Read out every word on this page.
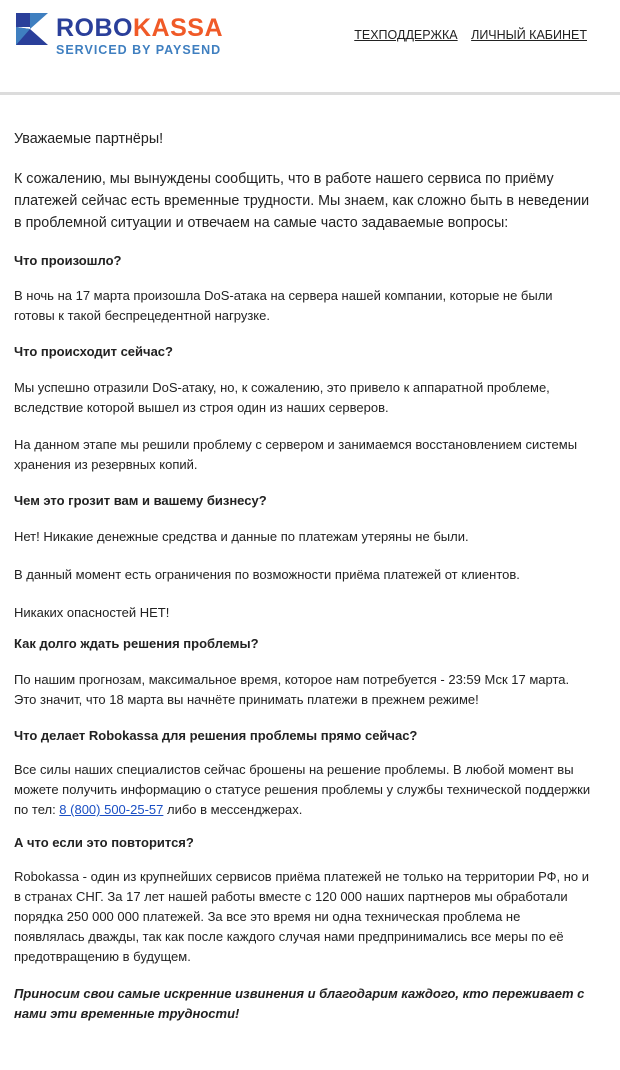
ROBOKASSA
SERVICED BY PAYSEND
ТЕХПОДДЕРЖКА ЛИЧНЫЙ КАБИНЕТ

Уважаемые партнёры!

К сожалению, мы вынуждены сообщить, что в работе нашего сервиса по приёму платежей сейчас есть временные трудности. Мы знаем, как сложно быть в неведении в проблемной ситуации и отвечаем на самые часто задаваемые вопросы:

Что произошло?

В ночь на 17 марта произошла DoS-атака на сервера нашей компании, которые не были готовы к такой беспрецедентной нагрузке.

Что происходит сейчас?

Мы успешно отразили DoS-атаку, но, к сожалению, это привело к аппаратной проблеме, вследствие которой вышел из строя один из наших серверов.

На данном этапе мы решили проблему с сервером и занимаемся восстановлением системы хранения из резервных копий.

Чем это грозит вам и вашему бизнесу?

Нет! Никакие денежные средства и данные по платежам утеряны не были.

В данный момент есть ограничения по возможности приёма платежей от клиентов.

Никаких опасностей НЕТ!

Как долго ждать решения проблемы?

По нашим прогнозам, максимальное время, которое нам потребуется - 23:59 Мск 17 марта. Это значит, что 18 марта вы начнёте принимать платежи в прежнем режиме!

Что делает Robokassa для решения проблемы прямо сейчас?

Все силы наших специалистов сейчас брошены на решение проблемы. В любой момент вы можете получить информацию о статусе решения проблемы у службы технической поддержки по тел: 8 (800) 500-25-57 либо в мессенджерах.

А что если это повторится?

Robokassa - один из крупнейших сервисов приёма платежей не только на территории РФ, но и в странах СНГ. За 17 лет нашей работы вместе с 120 000 наших партнеров мы обработали порядка 250 000 000 платежей. За все это время ни одна техническая проблема не появлялась дважды, так как после каждого случая нами предпринимались все меры по её предотвращению в будущем.

Приносим свои самые искренние извинения и благодарим каждого, кто переживает с нами эти временные трудности!
